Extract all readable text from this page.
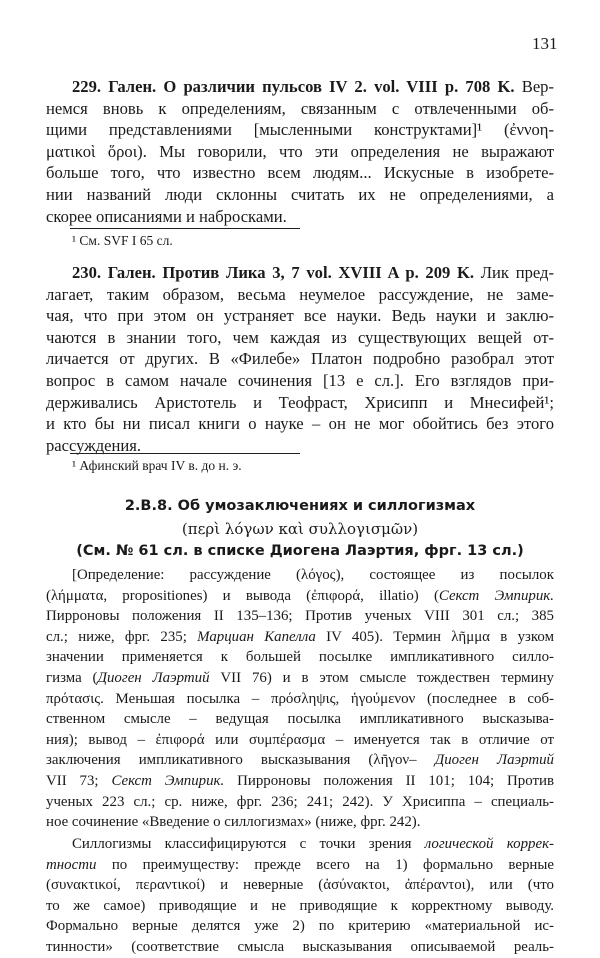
131
229. Гален. О различии пульсов IV 2. vol. VIII p. 708 K. Вер-
немся вновь к определениям, связанным с отвлеченными об-
щими представлениями [мысленными конструктами]¹ (ἐννοη-
ματικοὶ ὅροι). Мы говорили, что эти определения не выражают
больше того, что известно всем людям... Искусные в изобрете-
нии названий люди склонны считать их не определениями, а
скорее описаниями и набросками.
¹ См. SVF I 65 сл.
230. Гален. Против Лика 3, 7 vol. XVIII A p. 209 K. Лик пред-
лагает, таким образом, весьма неумелое рассуждение, не заме-
чая, что при этом он устраняет все науки. Ведь науки и заклю-
чаются в знании того, чем каждая из существующих вещей от-
личается от других. В «Филебе» Платон подробно разобрал этот
вопрос в самом начале сочинения [13 e сл.]. Его взглядов при-
держивались Аристотель и Теофраст, Хрисипп и Мнесифей¹;
и кто бы ни писал книги о науке – он не мог обойтись без этого
рассуждения.
¹ Афинский врач IV в. до н. э.
2.B.8. Об умозаключениях и силлогизмах
(περὶ λόγων καὶ συλλογισμῶν)
(См. № 61 сл. в списке Диогена Лаэртия, фрг. 13 сл.)
[Определение: рассуждение (λόγος), состоящее из посылок
(λήμματα, propositiones) и вывода (ἐπιφορά, illatio) (Секст Эмпирик.
Пирроновы положения II 135–136; Против ученых VIII 301 сл.; 385
сл.; ниже, фрг. 235; Марциан Капелла IV 405). Термин λῆμμα в узком
значении применяется к большей посылке импликативного силло-
гизма (Диоген Лаэртий VII 76) и в этом смысле тождествен термину
πρότασις. Меньшая посылка – πρόσληψις, ἡγούμενον (последнее в соб-
ственном смысле – ведущая посылка импликативного высказыва-
ния); вывод – ἐπιφορά или συμπέρασμα – именуется так в отличие от
заключения импликативного высказывания (λῆγον– Диоген Лаэртий
VII 73; Секст Эмпирик. Пирроновы положения II 101; 104; Против
ученых 223 сл.; ср. ниже, фрг. 236; 241; 242). У Хрисиппа – специаль-
ное сочинение «Введение о силлогизмах» (ниже, фрг. 242).
Силлогизмы классифицируются с точки зрения логической коррек-
тности по преимуществу: прежде всего на 1) формально верные
(συνακτικοί, περαντικοί) и неверные (ἀσύνακτοι, ἀπέραντοι), или (что
то же самое) приводящие и не приводящие к корректному выводу.
Формально верные делятся уже 2) по критерию «материальной ис-
тинности» (соответствие смысла высказывания описываемой реаль-
